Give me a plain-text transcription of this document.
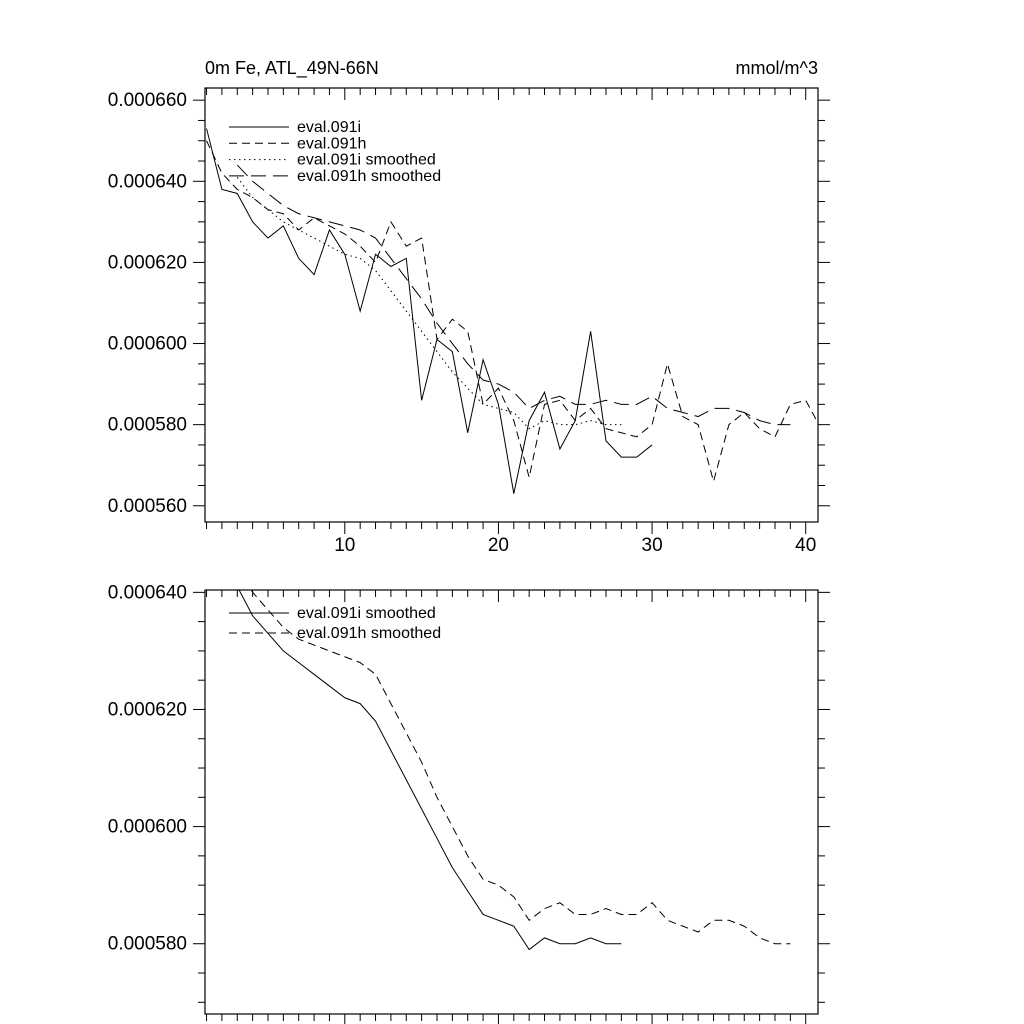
10	20	30	40
0.000560
0.000580
0.000600
0.000620
0.000640
0.000660
eval.091i
eval.091h
eval.091i smoothed
eval.091h smoothed
0.000580
0.000600
0.000620
0.000640
eval.091i smoothed
eval.091h smoothed
0m Fe, ATL_49N-66N	mmol/m^3
